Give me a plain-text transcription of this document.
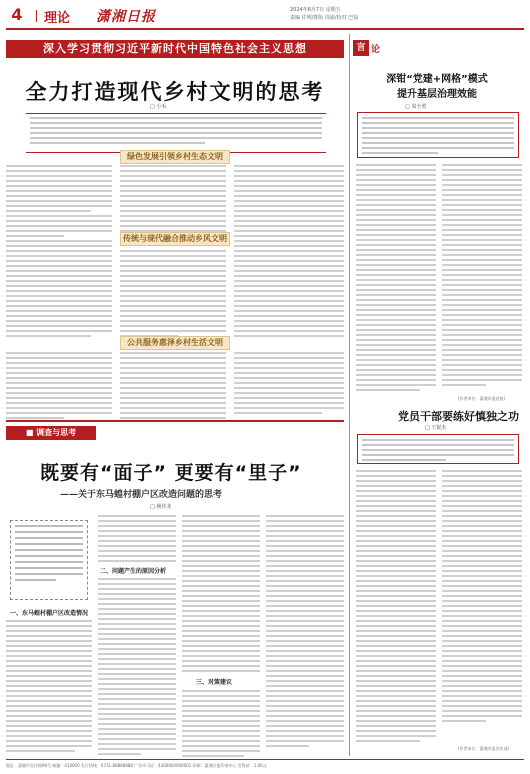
4	理论 潇湘日报	2024年6月7日 星期五
责编 许明/排版 周渝/校对 巴侃
深入学习贯彻习近平新时代中国特色社会主义思想
全力打造现代乡村文明的思考
□ 小禾
绿色发展引领乡村生态文明
传统与现代融合推动乡风文明
公共服务惠泽乡村生活文明
■ 调查与思考
既要有“面子” 更要有“里子”
——关于东马蝗村棚户区改造问题的思考
□ 杨佳龙
一、东马蝗村棚户区改造情况
二、问题产生的原因分析
三、对策建议
言 论
深钳“党建+网格”模式
提升基层治理效能
□ 周全勇
(作者单位：潇湘市委党校)
党员干部要练好慎独之功
□ 王锐杰
(作者单位：潇湘市委宣传部)
地址：潇湘市宣传路99号 邮编：410000 发行热线：0731-88888888 广告许可证：4300004000001 印刷：潇湘日报印务中心 零售价：1.00元
